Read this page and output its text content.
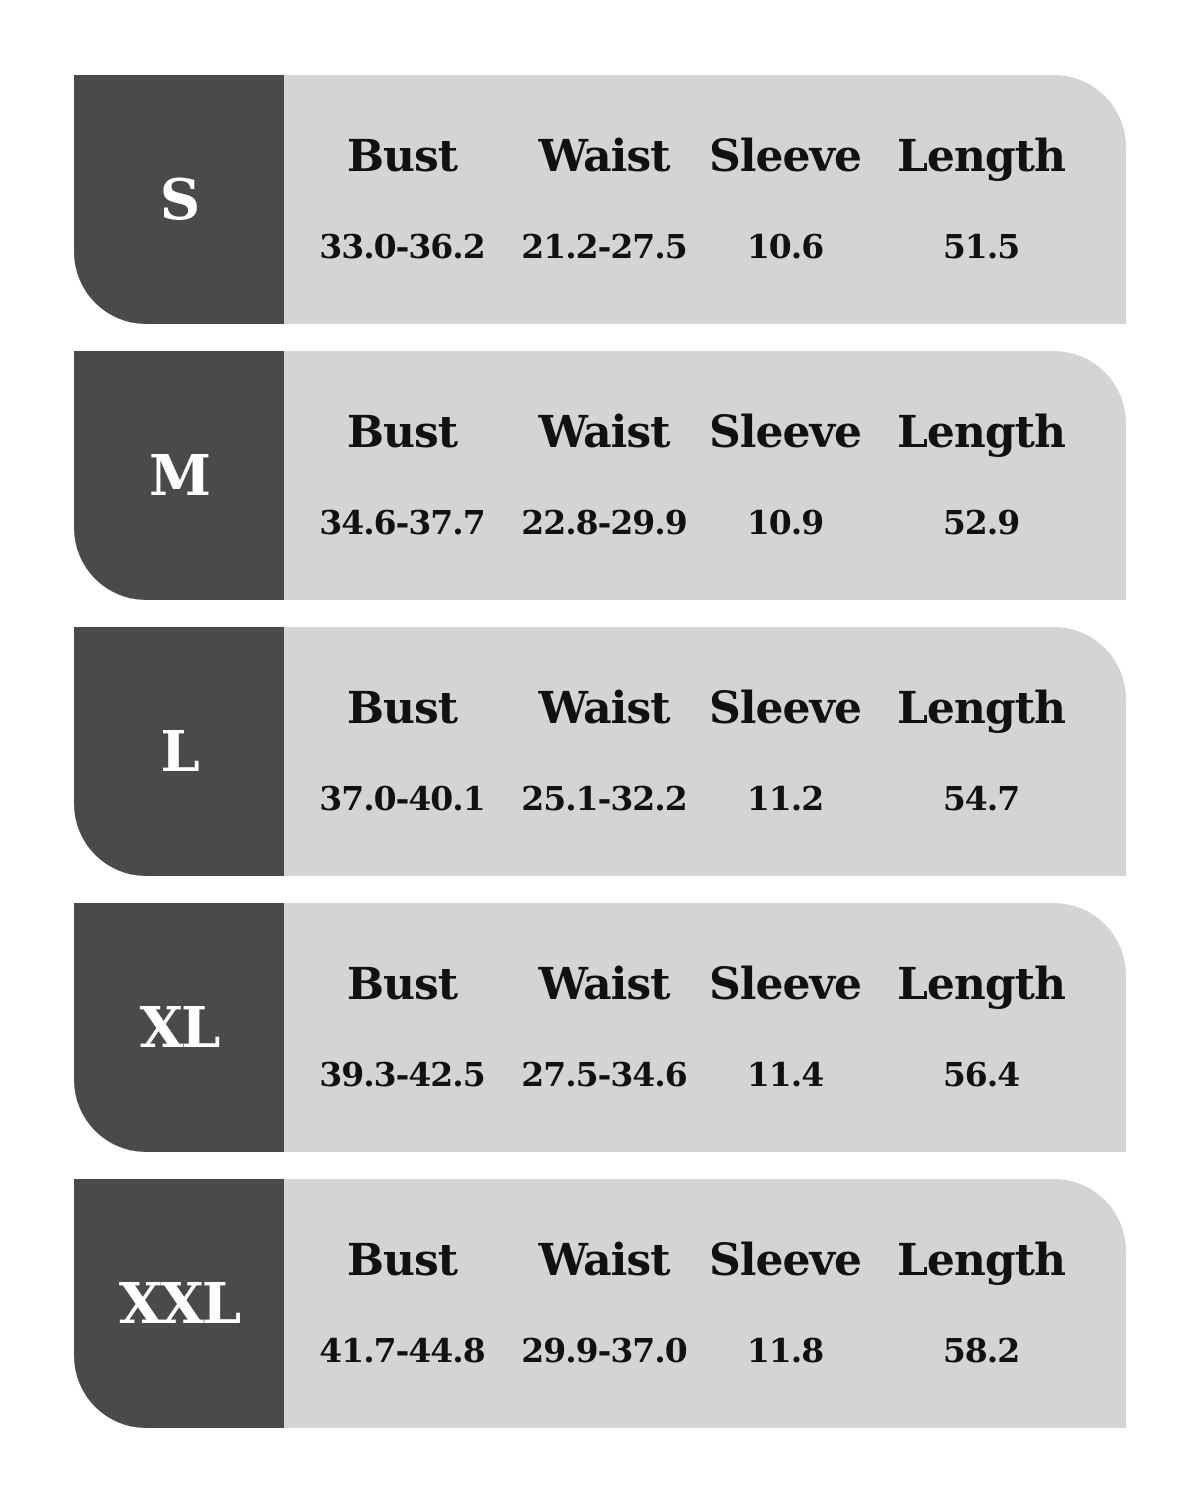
S
Bust
33.0-36.2
Waist
21.2-27.5
Sleeve
10.6
Length
51.5
M
Bust
34.6-37.7
Waist
22.8-29.9
Sleeve
10.9
Length
52.9
L
Bust
37.0-40.1
Waist
25.1-32.2
Sleeve
11.2
Length
54.7
XL
Bust
39.3-42.5
Waist
27.5-34.6
Sleeve
11.4
Length
56.4
XXL
Bust
41.7-44.8
Waist
29.9-37.0
Sleeve
11.8
Length
58.2
